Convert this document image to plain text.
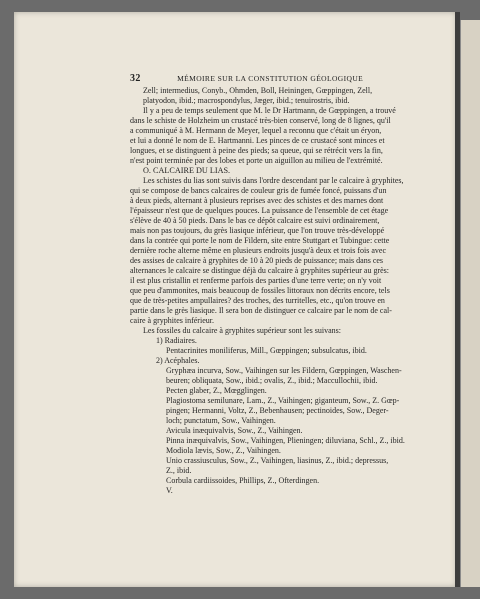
32	MÉMOIRE SUR LA CONSTITUTION GÉOLOGIQUE
Zell; intermedius, Conyb., Ohmden, Boll, Heiningen, Gœppingen, Zell,
platyodon, ibid.; macrospondylus, Jæger, ibid.; tenuirostris, ibid.
Il y a peu de temps seulement que M. le Dr Hartmann, de Gœppingen, a trouvé
dans le schiste de Holzheim un crustacé très-bien conservé, long de 8 lignes, qu'il
a communiqué à M. Hermann de Meyer, lequel a reconnu que c'était un éryon,
et lui a donné le nom de E. Hartmanni. Les pinces de ce crustacé sont minces et
longues, et se distinguent à peine des pieds; sa queue, qui se rétrécit vers la fin,
n'est point terminée par des lobes et porte un aiguillon au milieu de l'extrémité.
O. CALCAIRE DU LIAS.
Les schistes du lias sont suivis dans l'ordre descendant par le calcaire à gryphites,
qui se compose de bancs calcaires de couleur gris de fumée foncé, puissans d'un
à deux pieds, alternant à plusieurs reprises avec des schistes et des marnes dont
l'épaisseur n'est que de quelques pouces. La puissance de l'ensemble de cet étage
s'élève de 40 à 50 pieds. Dans le bas ce dépôt calcaire est suivi ordinairement,
mais non pas toujours, du grès liasique inférieur, que l'on trouve très-développé
dans la contrée qui porte le nom de Fildern, site entre Stuttgart et Tubingue: cette
dernière roche alterne même en plusieurs endroits jusqu'à deux et trois fois avec
des assises de calcaire à gryphites de 10 à 20 pieds de puissance; mais dans ces
alternances le calcaire se distingue déjà du calcaire à gryphites supérieur au grès:
il est plus cristallin et renferme parfois des parties d'une terre verte; on n'y voit
que peu d'ammonites, mais beaucoup de fossiles littoraux non décrits encore, tels
que de très-petites ampullaires? des troches, des turritelles, etc., qu'on trouve en
partie dans le grès liasique. Il sera bon de distinguer ce calcaire par le nom de cal-
caire à gryphites inférieur.
Les fossiles du calcaire à gryphites supérieur sont les suivans:
1) Radiaires.
Pentacrinites moniliferus, Mill., Gœppingen; subsulcatus, ibid.
2) Acéphales.
Gryphæa incurva, Sow., Vaihingen sur les Fildern, Gœppingen, Waschen-
beuren; obliquata, Sow., ibid.; ovalis, Z., ibid.; Maccullochii, ibid.
Pecten glaber, Z., Mœgglingen.
Plagiostoma semilunare, Lam., Z., Vaihingen; giganteum, Sow., Z. Gœp-
pingen; Hermanni, Voltz, Z., Bebenhausen; pectinoides, Sow., Deger-
loch; punctatum, Sow., Vaihingen.
Avicula inæquivalvis, Sow., Z., Vaihingen.
Pinna inæquivalvis, Sow., Vaihingen, Plieningen; diluviana, Schl., Z., ibid.
Modiola lævis, Sow., Z., Vaihingen.
Unio crassiusculus, Sow., Z., Vaihingen, liasinus, Z., ibid.; depressus,
Z., ibid.
Corbula cardiissoides, Phillips, Z., Ofterdingen.
V.
